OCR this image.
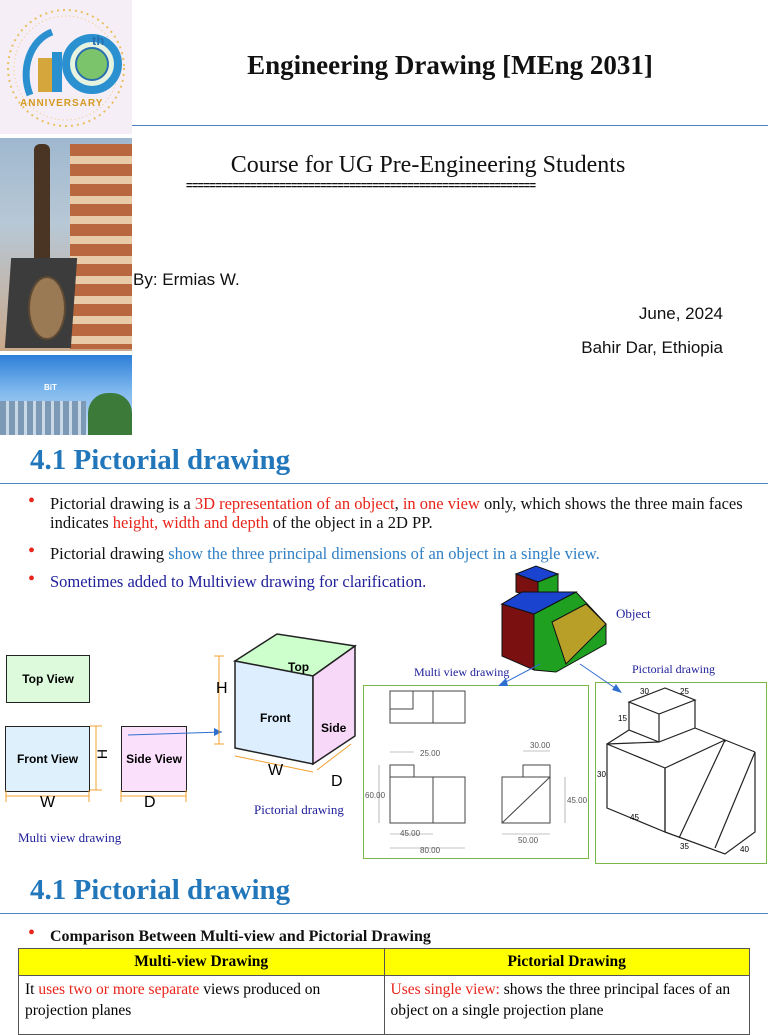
th
ANNIVERSARY
BiT
Engineering Drawing [MEng 2031]
Course for UG Pre-Engineering Students
============================================================
By: Ermias W.
June, 2024
Bahir Dar, Ethiopia
4.1 Pictorial drawing
• Pictorial drawing is a 3D representation of an object, in one view only, which shows the three main faces indicates height, width and depth of the object in a 2D PP.
• Pictorial drawing show the three principal dimensions of an object in a single view.
• Sometimes added to Multiview drawing for clarification.
Top View
Front View	Side View
H
W	D
Multi view drawing
Top
Front
Side
H
W
D
Pictorial drawing
Object
Multi view drawing
25.00
30.00
60.00
45.00
45.00
80.00
50.00
Pictorial drawing
30	25
15
30
45
35	40
4.1 Pictorial drawing
• Comparison Between Multi-view and Pictorial Drawing
Multi-view Drawing	Pictorial Drawing
It uses two or more separate views produced on projection planes	Uses single view: shows the three principal faces of an object on a single projection plane
